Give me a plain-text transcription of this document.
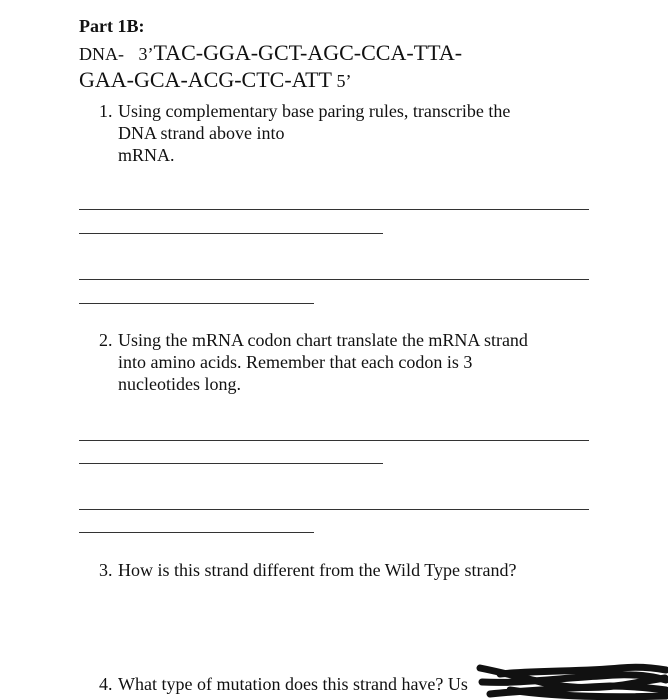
Part 1B:
DNA- 3’TAC-GGA-GCT-AGC-CCA-TTA-
GAA-GCA-ACG-CTC-ATT 5’
1. Using complementary base paring rules, transcribe the
DNA strand above into
mRNA.
2. Using the mRNA codon chart translate the mRNA strand
into amino acids. Remember that each codon is 3
nucleotides long.
3. How is this strand different from the Wild Type strand?
4. What type of mutation does this strand have? Us
